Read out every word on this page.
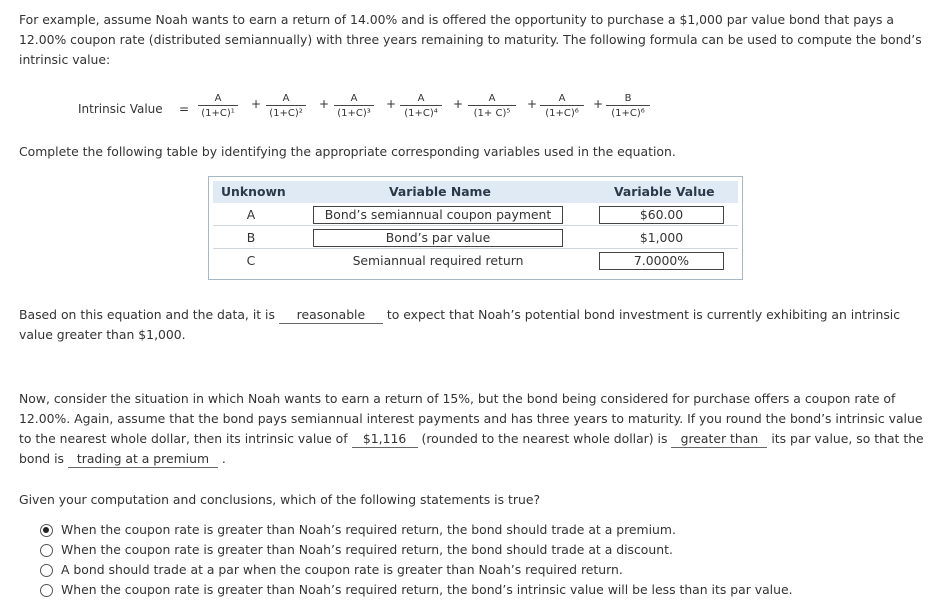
For example, assume Noah wants to earn a return of 14.00% and is offered the opportunity to purchase a $1,000 par value bond that pays a 12.00% coupon rate (distributed semiannually) with three years remaining to maturity. The following formula can be used to compute the bond’s intrinsic value:
Intrinsic Value = $\frac{A}{\text{(1+C)¹}} + \frac{A}{\text{(1+C)²}} + \frac{A}{\text{(1+C)³}} + \frac{A}{\text{(1+C)⁴}} + \frac{A}{\text{(1+ C)⁵}} + \frac{A}{\text{(1+C)⁶}} + \frac{B}{\text{(1+C)⁶}}$
Complete the following table by identifying the appropriate corresponding variables used in the equation.
Unknown	Variable Name	Variable Value
A	Bond’s semiannual coupon payment	$60.00
B	Bond’s par value	$1,000
C	Semiannual required return	7.0000%
Based on this equation and the data, it is reasonable to expect that Noah’s potential bond investment is currently exhibiting an intrinsic value greater than $1,000.
Now, consider the situation in which Noah wants to earn a return of 15%, but the bond being considered for purchase offers a coupon rate of 12.00%. Again, assume that the bond pays semiannual interest payments and has three years to maturity. If you round the bond’s intrinsic value to the nearest whole dollar, then its intrinsic value of $1,116 (rounded to the nearest whole dollar) is greater than its par value, so that the bond is trading at a premium .
Given your computation and conclusions, which of the following statements is true?
When the coupon rate is greater than Noah’s required return, the bond should trade at a premium.
When the coupon rate is greater than Noah’s required return, the bond should trade at a discount.
A bond should trade at a par when the coupon rate is greater than Noah’s required return.
When the coupon rate is greater than Noah’s required return, the bond’s intrinsic value will be less than its par value.
